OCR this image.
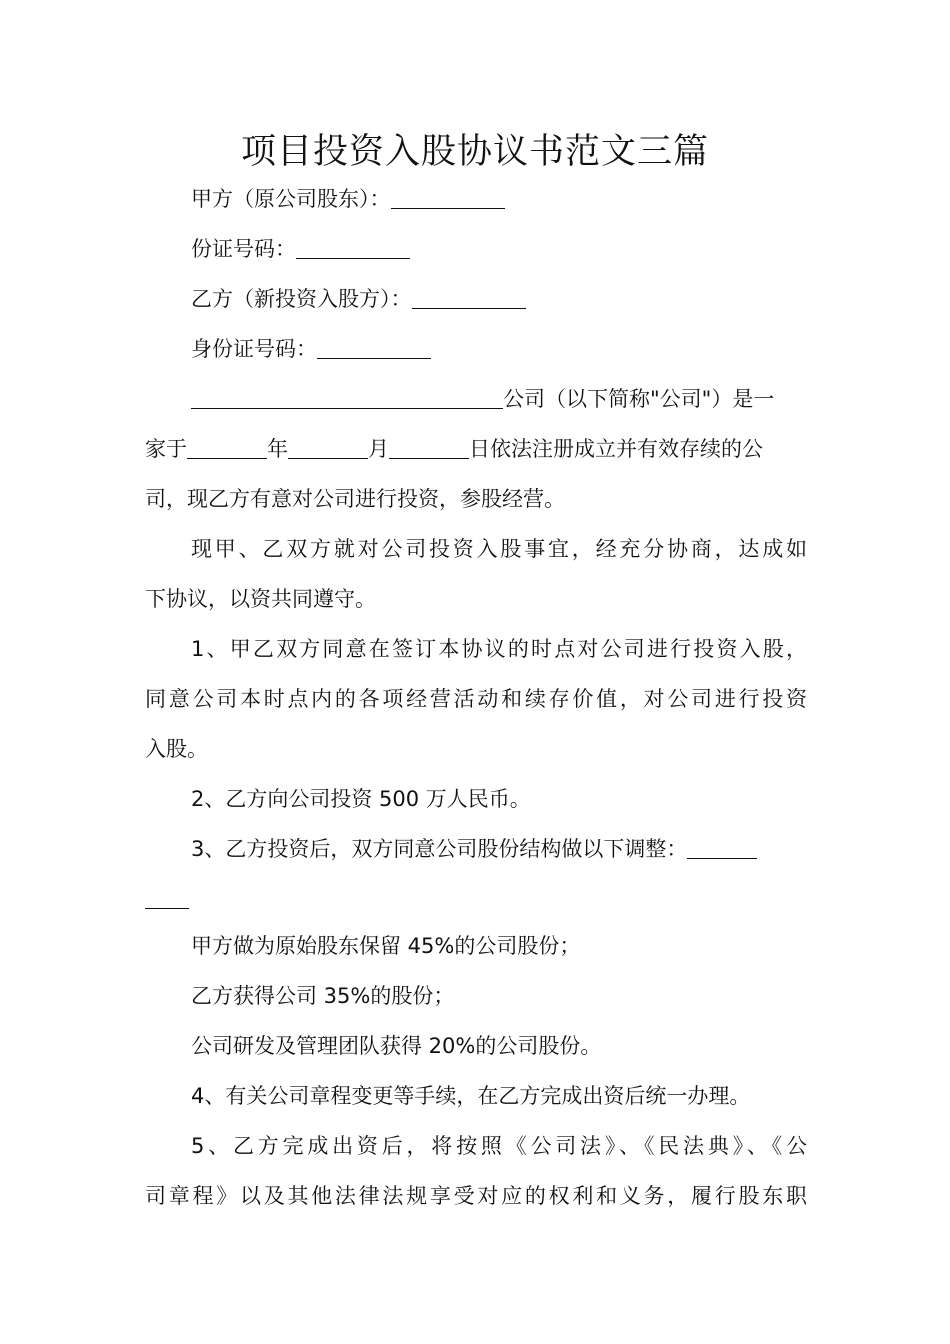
项目投资入股协议书范文三篇
甲方（原公司股东）：
份证号码：
乙方（新投资入股方）：
身份证号码：
公司（以下简称"公司"）是一
家于	年	月	日依法注册成立并有效存续的公
司，现乙方有意对公司进行投资，参股经营。
现甲、乙双方就对公司投资入股事宜，经充分协商，达成如
下协议，以资共同遵守。
1、甲乙双方同意在签订本协议的时点对公司进行投资入股，
同意公司本时点内的各项经营活动和续存价值，对公司进行投资
入股。
2、乙方向公司投资 500 万人民币。
3、乙方投资后，双方同意公司股份结构做以下调整：
甲方做为原始股东保留 45%的公司股份；
乙方获得公司 35%的股份；
公司研发及管理团队获得 20%的公司股份。
4、有关公司章程变更等手续，在乙方完成出资后统一办理。
5、乙方完成出资后，将按照《公司法》、《民法典》、《公
司章程》以及其他法律法规享受对应的权利和义务，履行股东职
